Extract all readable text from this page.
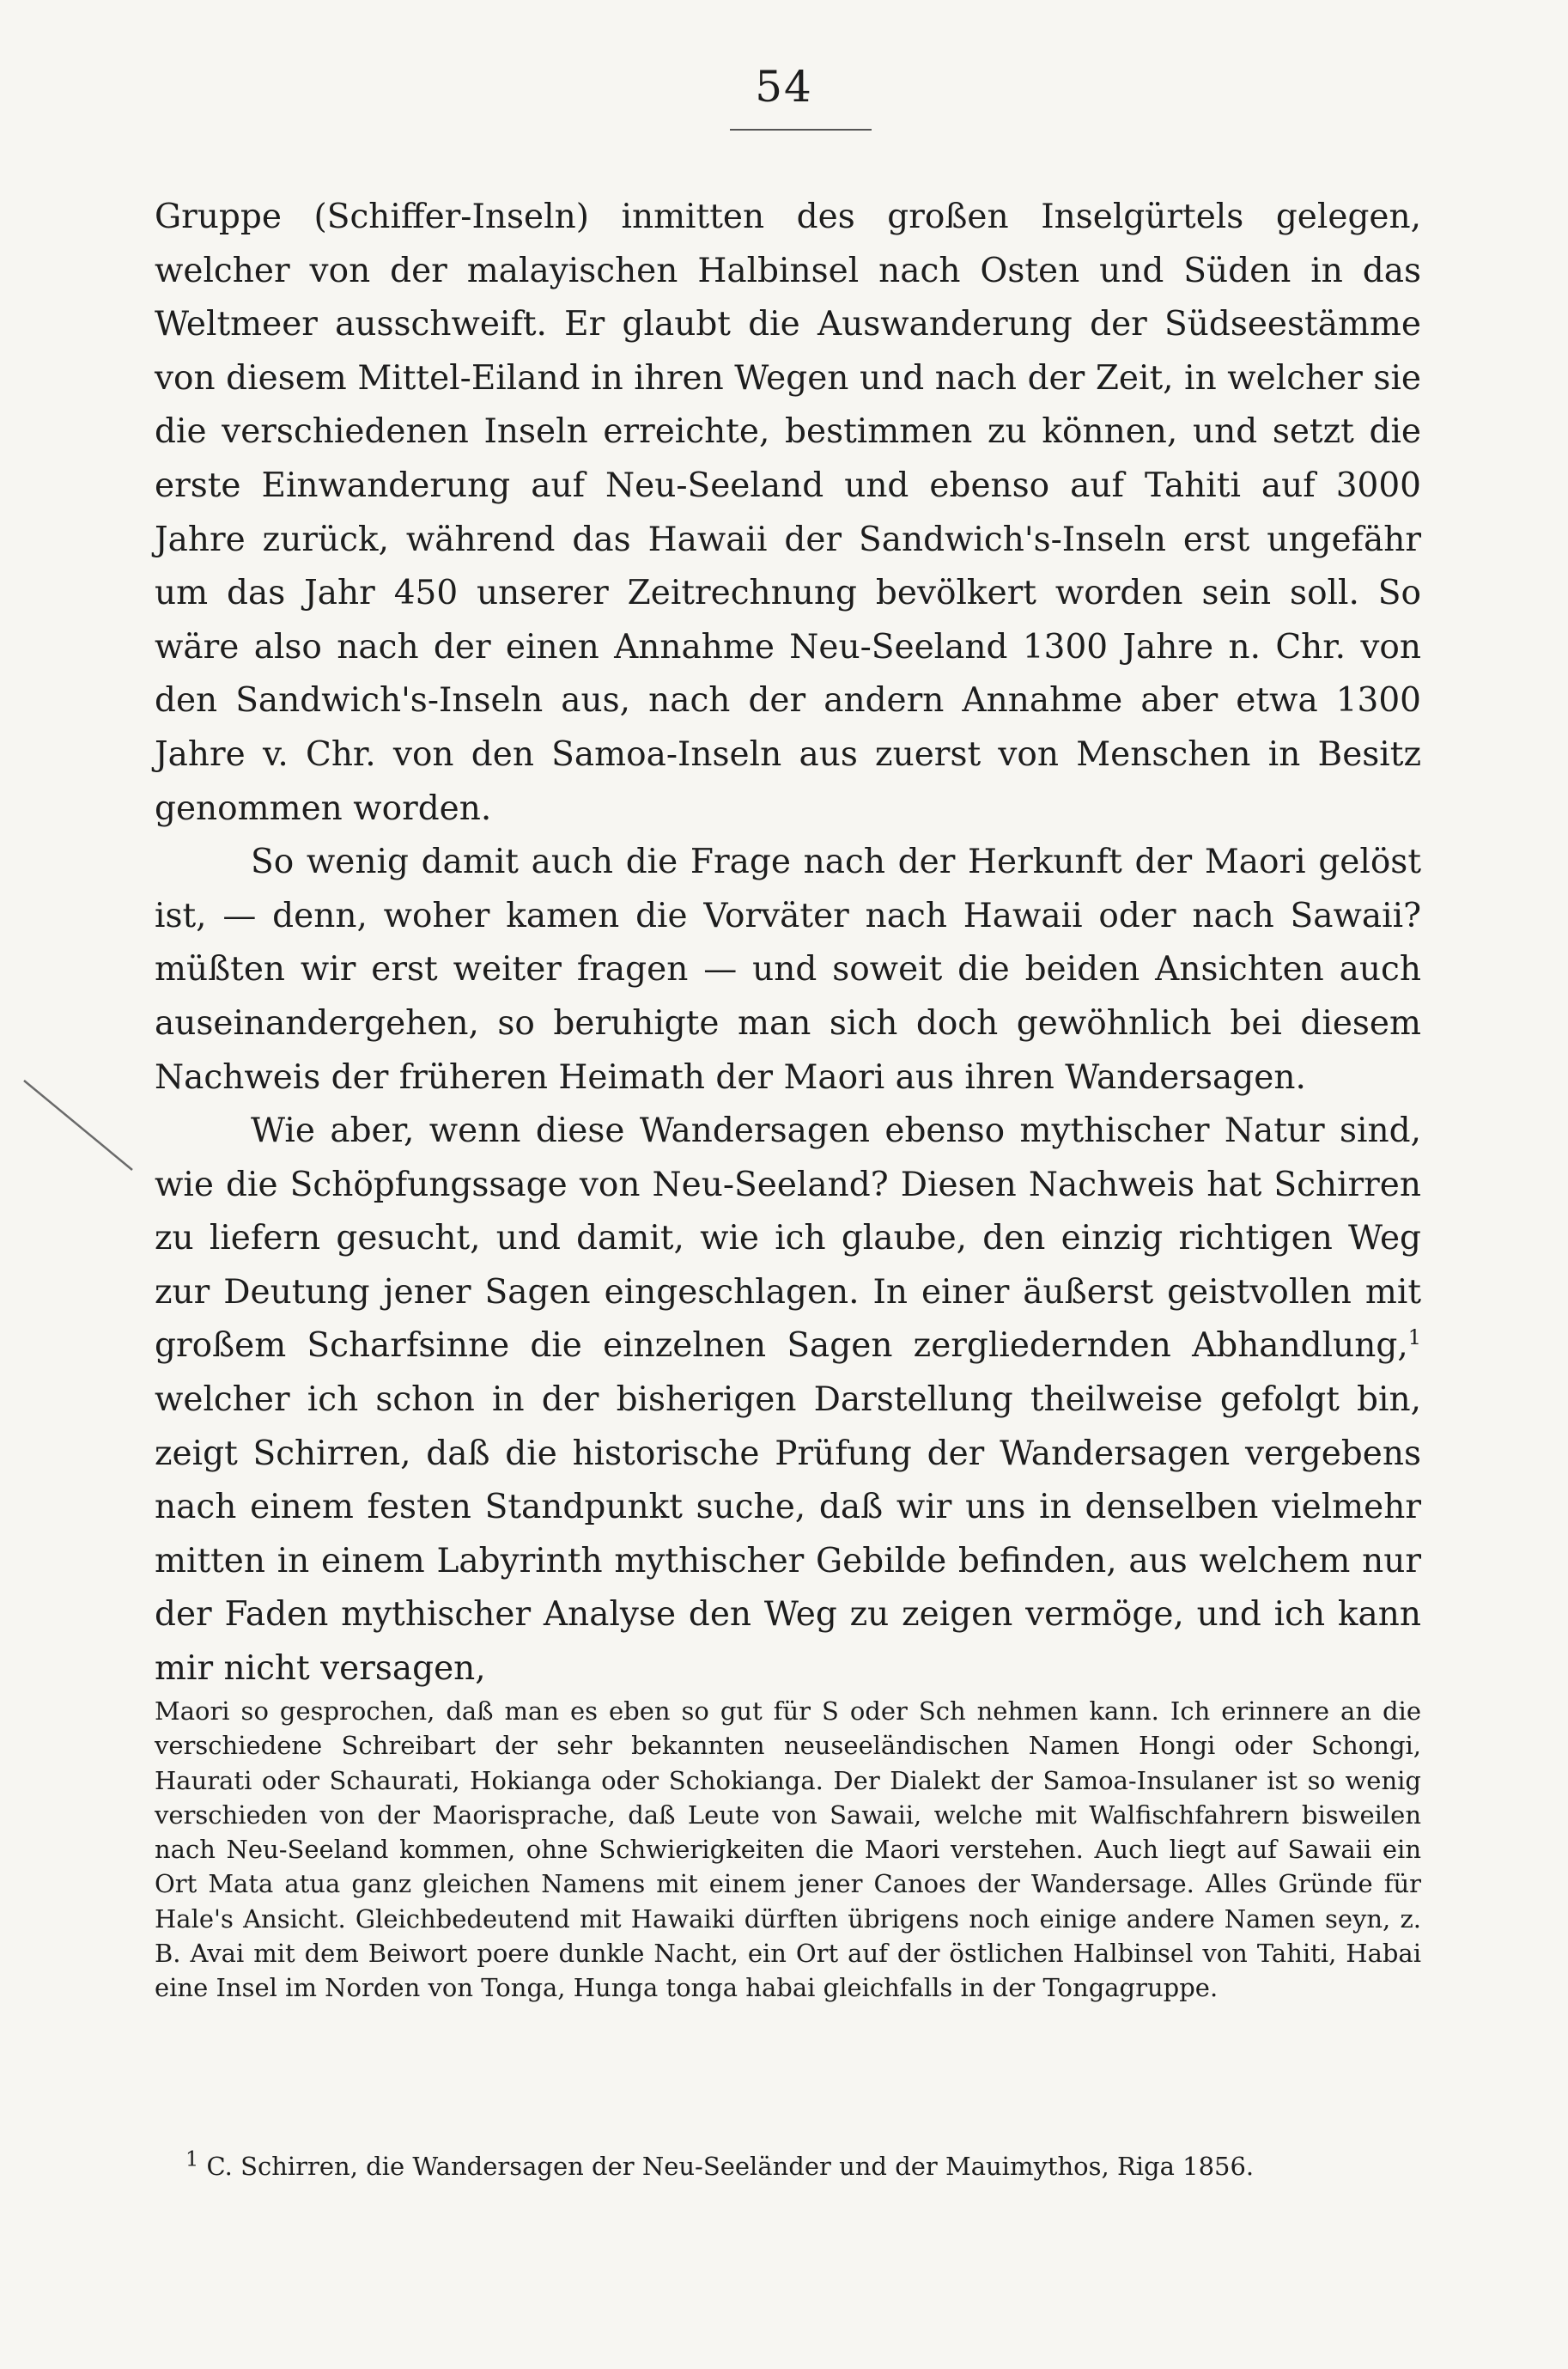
54

Gruppe (Schiffer-Inseln) inmitten des großen Inselgürtels gelegen, welcher von der malayischen Halbinsel nach Osten und Süden in das Weltmeer ausschweift. Er glaubt die Auswanderung der Südseestämme von diesem Mittel-Eiland in ihren Wegen und nach der Zeit, in welcher sie die verschiedenen Inseln erreichte, bestimmen zu können, und setzt die erste Einwanderung auf Neu-Seeland und ebenso auf Tahiti auf 3000 Jahre zurück, während das Hawaii der Sandwich's-Inseln erst ungefähr um das Jahr 450 unserer Zeitrechnung bevölkert worden sein soll. So wäre also nach der einen Annahme Neu-Seeland 1300 Jahre n. Chr. von den Sandwich's-Inseln aus, nach der andern Annahme aber etwa 1300 Jahre v. Chr. von den Samoa-Inseln aus zuerst von Menschen in Besitz genommen worden.

So wenig damit auch die Frage nach der Herkunft der Maori gelöst ist, — denn, woher kamen die Vorväter nach Hawaii oder nach Sawaii? müßten wir erst weiter fragen — und soweit die beiden Ansichten auch auseinandergehen, so beruhigte man sich doch gewöhnlich bei diesem Nachweis der früheren Heimath der Maori aus ihren Wandersagen.

Wie aber, wenn diese Wandersagen ebenso mythischer Natur sind, wie die Schöpfungssage von Neu-Seeland? Diesen Nachweis hat Schirren zu liefern gesucht, und damit, wie ich glaube, den einzig richtigen Weg zur Deutung jener Sagen eingeschlagen. In einer äußerst geistvollen mit großem Scharfsinne die einzelnen Sagen zergliedernden Abhandlung,$^1$ welcher ich schon in der bisherigen Darstellung theilweise gefolgt bin, zeigt Schirren, daß die historische Prüfung der Wandersagen vergebens nach einem festen Standpunkt suche, daß wir uns in denselben vielmehr mitten in einem Labyrinth mythischer Gebilde befinden, aus welchem nur der Faden mythischer Analyse den Weg zu zeigen vermöge, und ich kann mir nicht versagen,

Maori so gesprochen, daß man es eben so gut für S oder Sch nehmen kann. Ich erinnere an die verschiedene Schreibart der sehr bekannten neuseeländischen Namen Hongi oder Schongi, Haurati oder Schaurati, Hokianga oder Schokianga. Der Dialekt der Samoa-Insulaner ist so wenig verschieden von der Maorisprache, daß Leute von Sawaii, welche mit Walfischfahrern bisweilen nach Neu-Seeland kommen, ohne Schwierigkeiten die Maori verstehen. Auch liegt auf Sawaii ein Ort Mata atua ganz gleichen Namens mit einem jener Canoes der Wandersage. Alles Gründe für Hale's Ansicht. Gleichbedeutend mit Hawaiki dürften übrigens noch einige andere Namen seyn, z. B. Avai mit dem Beiwort poere dunkle Nacht, ein Ort auf der östlichen Halbinsel von Tahiti, Habai eine Insel im Norden von Tonga, Hunga tonga habai gleichfalls in der Tongagruppe.

$^1$ C. Schirren, die Wandersagen der Neu-Seeländer und der Mauimythos, Riga 1856.
